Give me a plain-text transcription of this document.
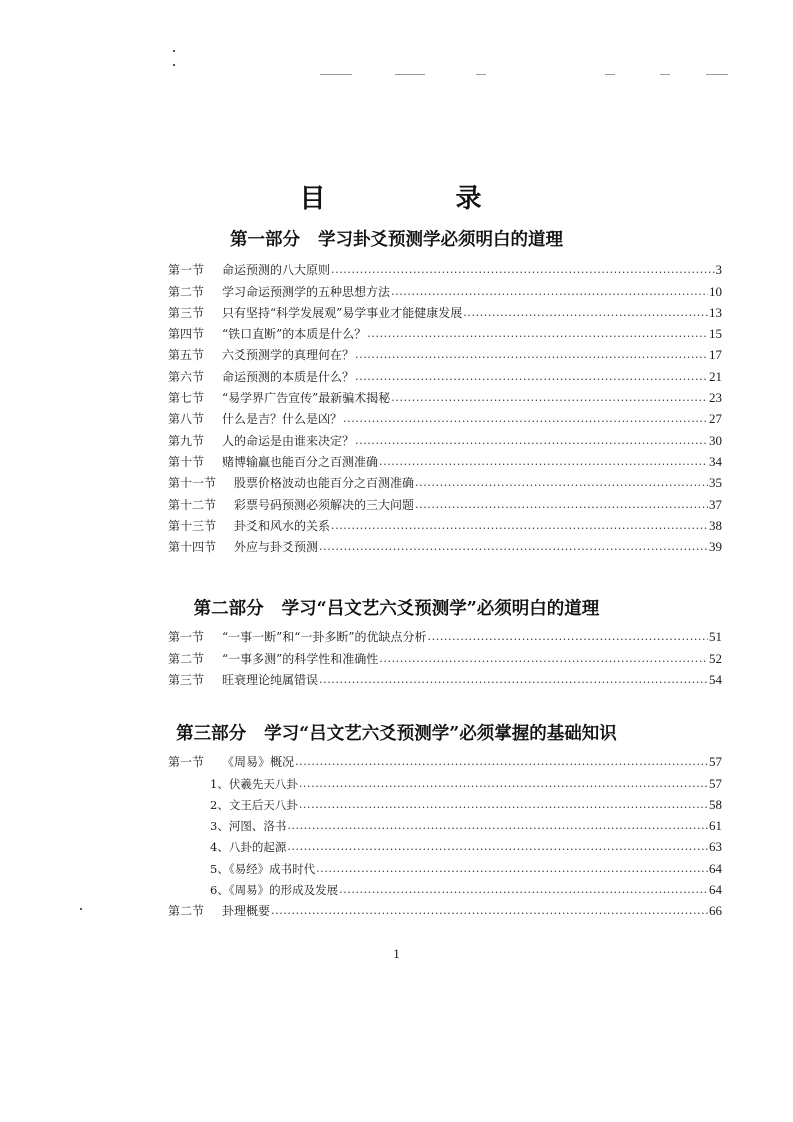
目　录
第一部分 学习卦爻预测学必须明白的道理
第一节	命运预测的八大原则 .....	3
第二节	学习命运预测学的五种思想方法 .....	10
第三节	只有坚持“科学发展观”易学事业才能健康发展 .....	13
第四节	“铁口直断”的本质是什么？ .....	15
第五节	六爻预测学的真理何在？ .....	17
第六节	命运预测的本质是什么？ .....	21
第七节	“易学界广告宣传”最新骗术揭秘 .....	23
第八节	什么是吉？什么是凶？ .....	27
第九节	人的命运是由谁来决定？ .....	30
第十节	赌博输赢也能百分之百测准确 .....	34
第十一节	股票价格波动也能百分之百测准确 .....	35
第十二节	彩票号码预测必须解决的三大问题 .....	37
第十三节	卦爻和风水的关系 .....	38
第十四节	外应与卦爻预测 .....	39
第二部分 学习“吕文艺六爻预测学”必须明白的道理
第一节	“一事一断”和“一卦多断”的优缺点分析 .....	51
第二节	“一事多测”的科学性和准确性 .....	52
第三节	旺衰理论纯属错误 .....	54
第三部分 学习“吕文艺六爻预测学”必须掌握的基础知识
第一节	《周易》概况 .....	57
1、伏羲先天八卦 .....	57
2、文王后天八卦 .....	58
3、河图、洛书 .....	61
4、八卦的起源 .....	63
5、《易经》成书时代 .....	64
6、《周易》的形成及发展 .....	64
第二节	卦理概要 .....	66
1
